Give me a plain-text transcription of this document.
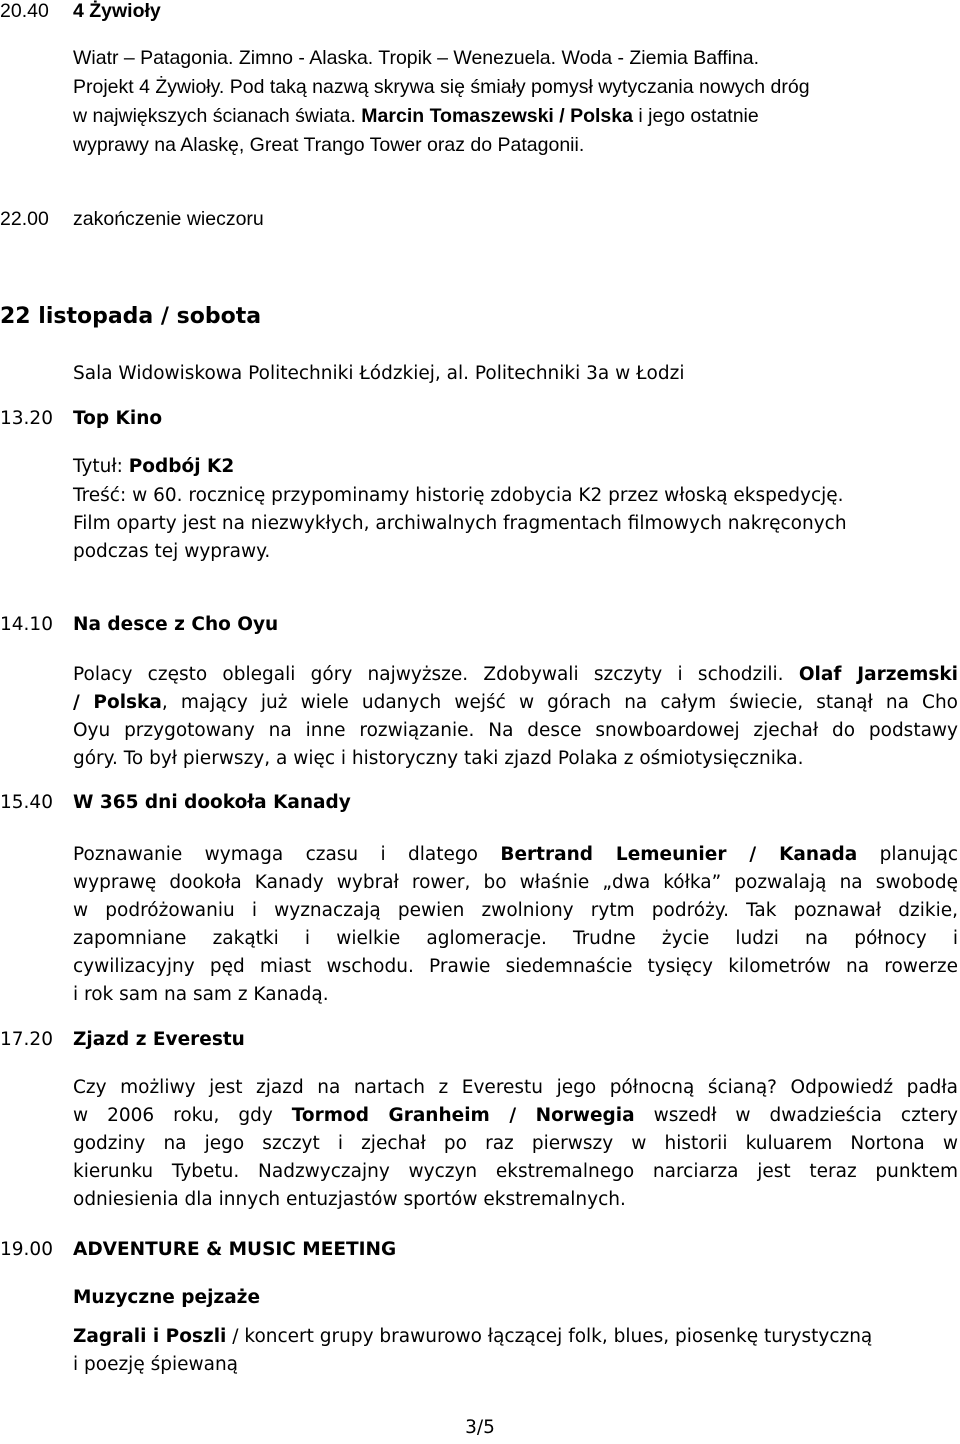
20.40	4 Żywioły
Wiatr – Patagonia. Zimno - Alaska. Tropik – Wenezuela. Woda - Ziemia Baffina.
Projekt 4 Żywioły. Pod taką nazwą skrywa się śmiały pomysł wytyczania nowych dróg
w największych ścianach świata. Marcin Tomaszewski / Polska i jego ostatnie
wyprawy na Alaskę, Great Trango Tower oraz do Patagonii.
22.00	zakończenie wieczoru
22 listopada / sobota
Sala Widowiskowa Politechniki Łódzkiej, al. Politechniki 3a w Łodzi
13.20	Top Kino
Tytuł: Podbój K2
Treść: w 60. rocznicę przypominamy historię zdobycia K2 przez włoską ekspedycję.
Film oparty jest na niezwykłych, archiwalnych fragmentach filmowych nakręconych
podczas tej wyprawy.
14.10	Na desce z Cho Oyu
Polacy często oblegali góry najwyższe. Zdobywali szczyty i schodzili. Olaf Jarzemski
/ Polska, mający już wiele udanych wejść w górach na całym świecie, stanął na Cho
Oyu przygotowany na inne rozwiązanie. Na desce snowboardowej zjechał do podstawy
góry. To był pierwszy, a więc i historyczny taki zjazd Polaka z ośmiotysięcznika.
15.40	W 365 dni dookoła Kanady
Poznawanie wymaga czasu i dlatego Bertrand Lemeunier / Kanada planując
wyprawę dookoła Kanady wybrał rower, bo właśnie „dwa kółka” pozwalają na swobodę
w podróżowaniu i wyznaczają pewien zwolniony rytm podróży. Tak poznawał dzikie,
zapomniane zakątki i wielkie aglomeracje. Trudne życie ludzi na północy i
cywilizacyjny pęd miast wschodu. Prawie siedemnaście tysięcy kilometrów na rowerze
i rok sam na sam z Kanadą.
17.20	Zjazd z Everestu
Czy możliwy jest zjazd na nartach z Everestu jego północną ścianą? Odpowiedź padła
w 2006 roku, gdy Tormod Granheim / Norwegia wszedł w dwadzieścia cztery
godziny na jego szczyt i zjechał po raz pierwszy w historii kuluarem Nortona w
kierunku Tybetu. Nadzwyczajny wyczyn ekstremalnego narciarza jest teraz punktem
odniesienia dla innych entuzjastów sportów ekstremalnych.
19.00	ADVENTURE & MUSIC MEETING
Muzyczne pejzaże
Zagrali i Poszli / koncert grupy brawurowo łączącej folk, blues, piosenkę turystyczną
i poezję śpiewaną
3/5
